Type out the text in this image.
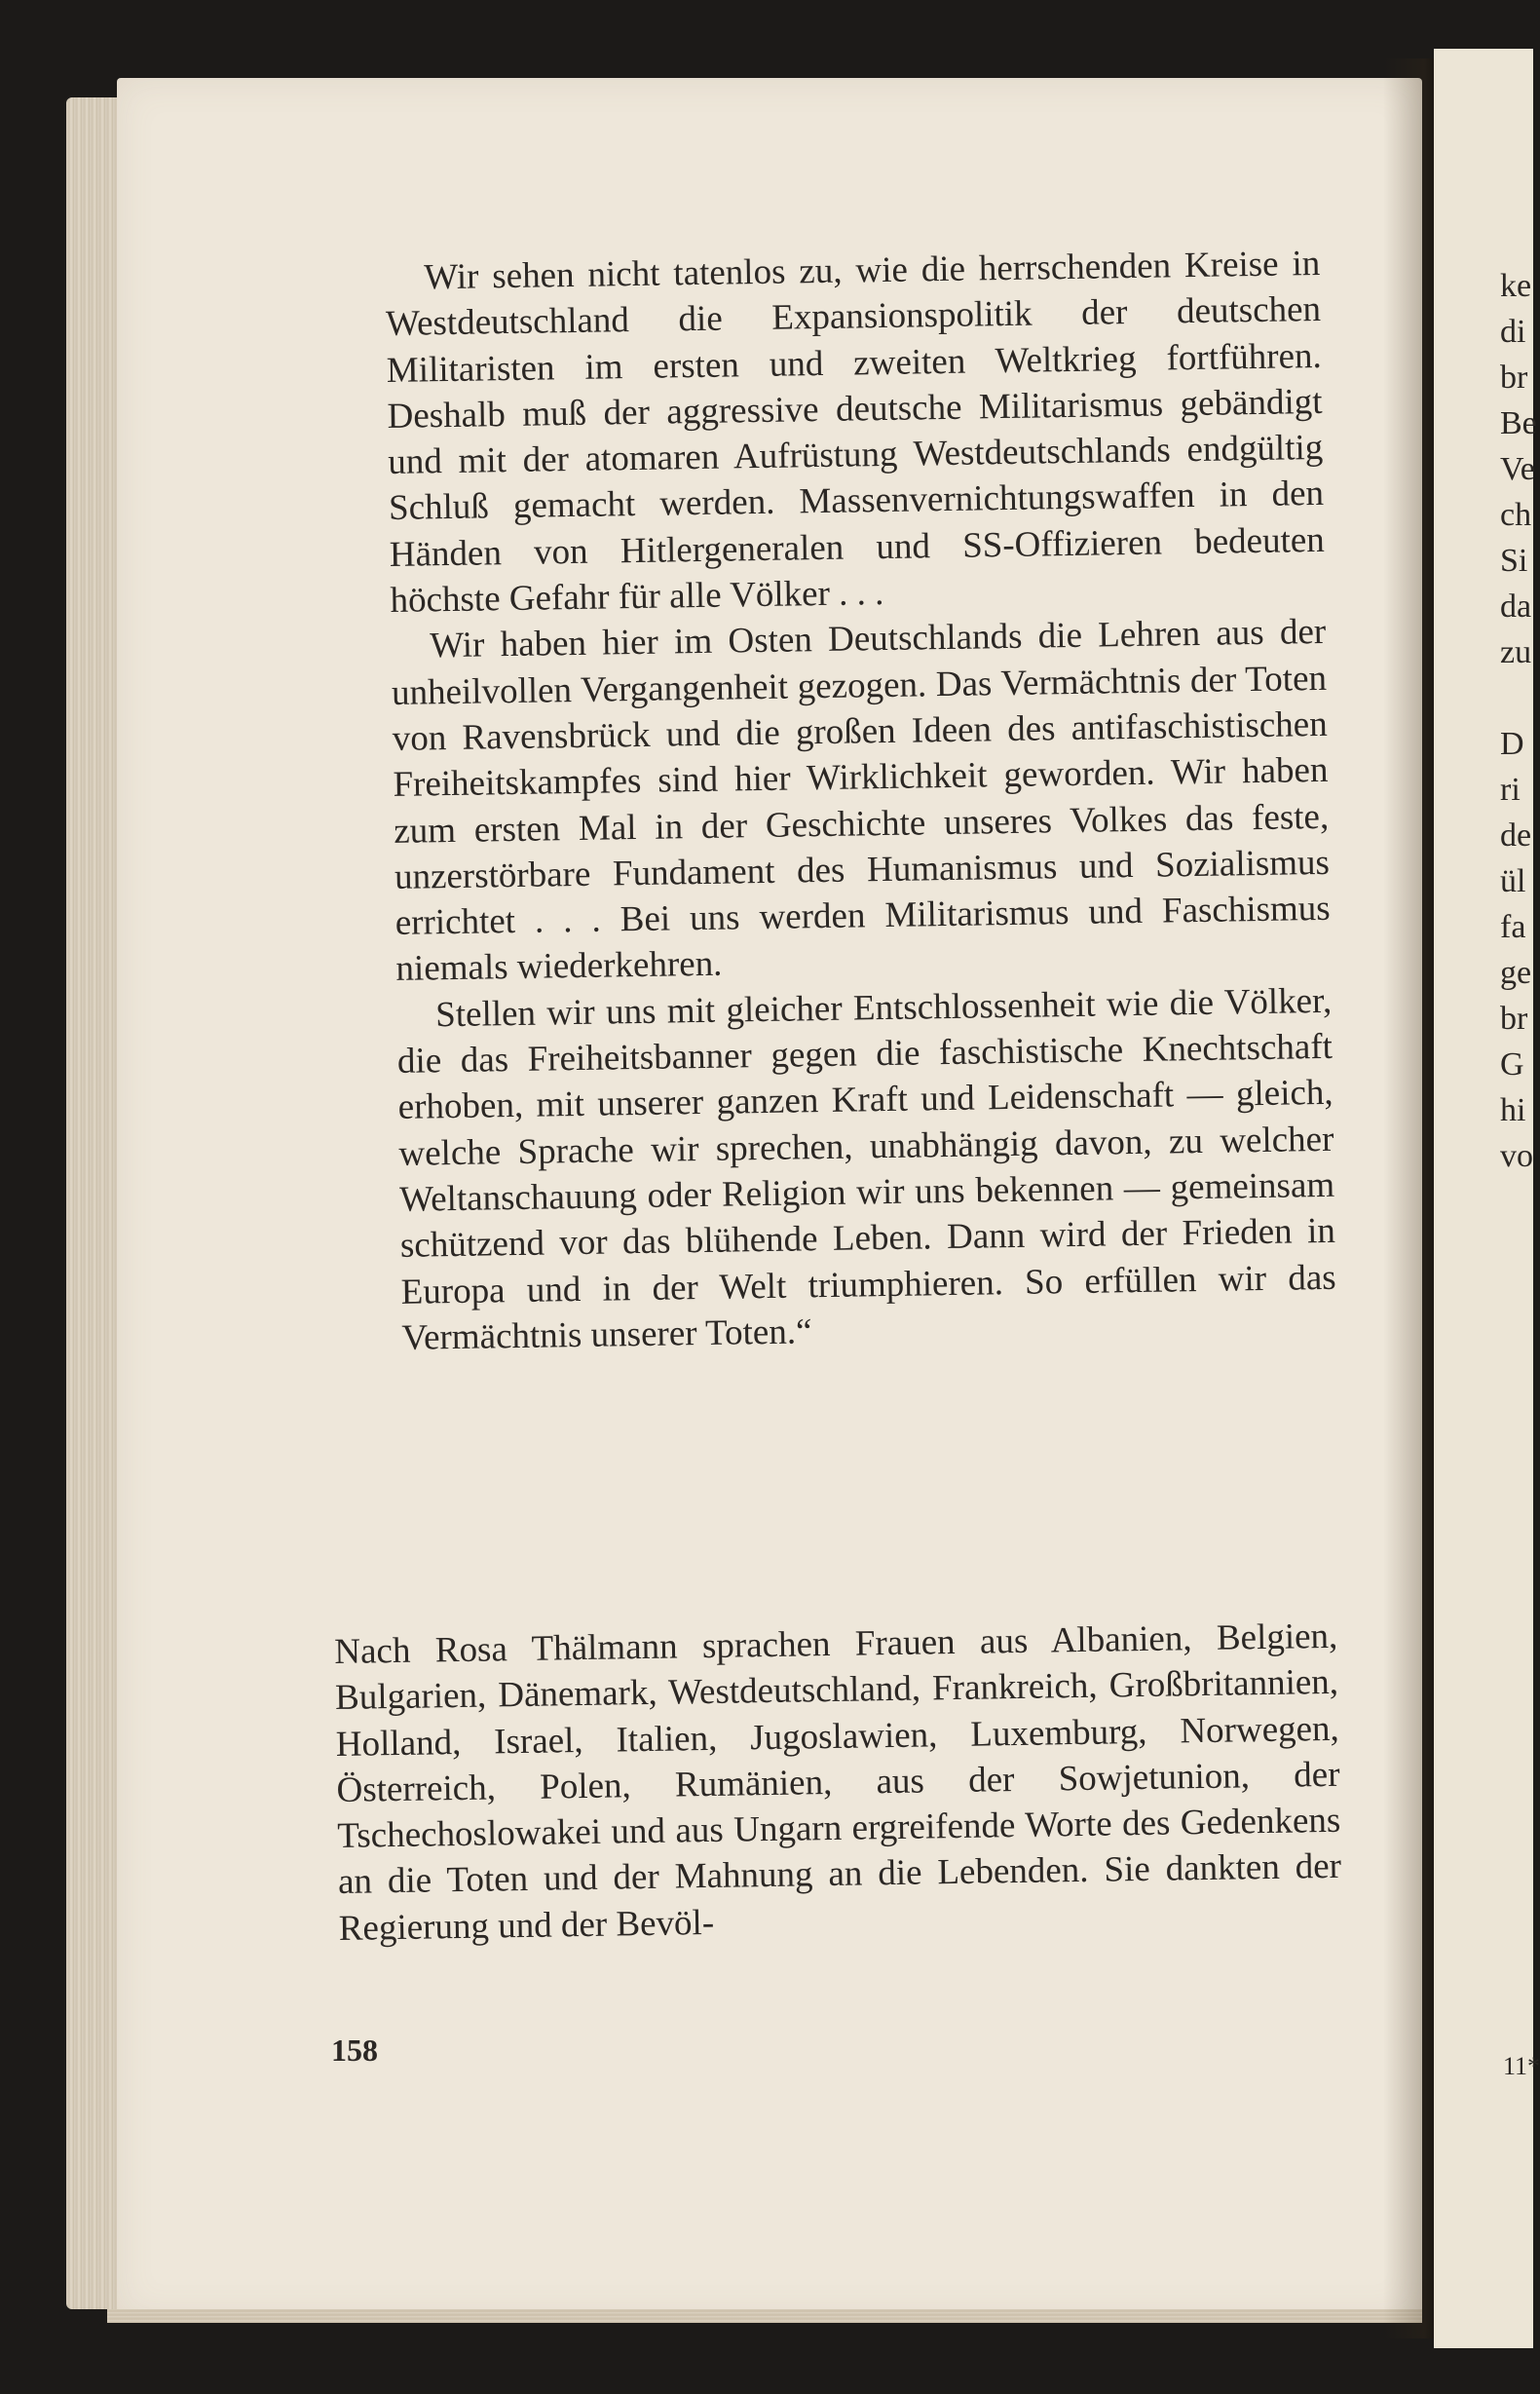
Wir sehen nicht tatenlos zu, wie die herrschenden Kreise in Westdeutschland die Expansionspolitik der deutschen Militaristen im ersten und zweiten Weltkrieg fortführen. Deshalb muß der aggressive deutsche Militarismus gebändigt und mit der atomaren Aufrüstung Westdeutschlands endgültig Schluß gemacht werden. Massenvernichtungswaffen in den Händen von Hitlergeneralen und SS-Offizieren bedeuten höchste Gefahr für alle Völker . . .

Wir haben hier im Osten Deutschlands die Lehren aus der unheilvollen Vergangenheit gezogen. Das Vermächtnis der Toten von Ravensbrück und die großen Ideen des antifaschistischen Freiheitskampfes sind hier Wirklichkeit geworden. Wir haben zum ersten Mal in der Geschichte unseres Volkes das feste, unzerstörbare Fundament des Humanismus und Sozialismus errichtet . . . Bei uns werden Militarismus und Faschismus niemals wiederkehren.

Stellen wir uns mit gleicher Entschlossenheit wie die Völker, die das Freiheitsbanner gegen die faschistische Knechtschaft erhoben, mit unserer ganzen Kraft und Leidenschaft — gleich, welche Sprache wir sprechen, unabhängig davon, zu welcher Weltanschauung oder Religion wir uns bekennen — gemeinsam schützend vor das blühende Leben. Dann wird der Frieden in Europa und in der Welt triumphieren. So erfüllen wir das Vermächtnis unserer Toten.“

Nach Rosa Thälmann sprachen Frauen aus Albanien, Belgien, Bulgarien, Dänemark, Westdeutschland, Frankreich, Großbritannien, Holland, Israel, Italien, Jugoslawien, Luxemburg, Norwegen, Österreich, Polen, Rumänien, aus der Sowjetunion, der Tschechoslowakei und aus Ungarn ergreifende Worte des Gedenkens an die Toten und der Mahnung an die Lebenden. Sie dankten der Regierung und der Bevöl-

158
ke
di
br
Be
Ve
ch
Si
da
zu
D
ri
de
ül
fa
ge
br
G
hi
vo
11*
